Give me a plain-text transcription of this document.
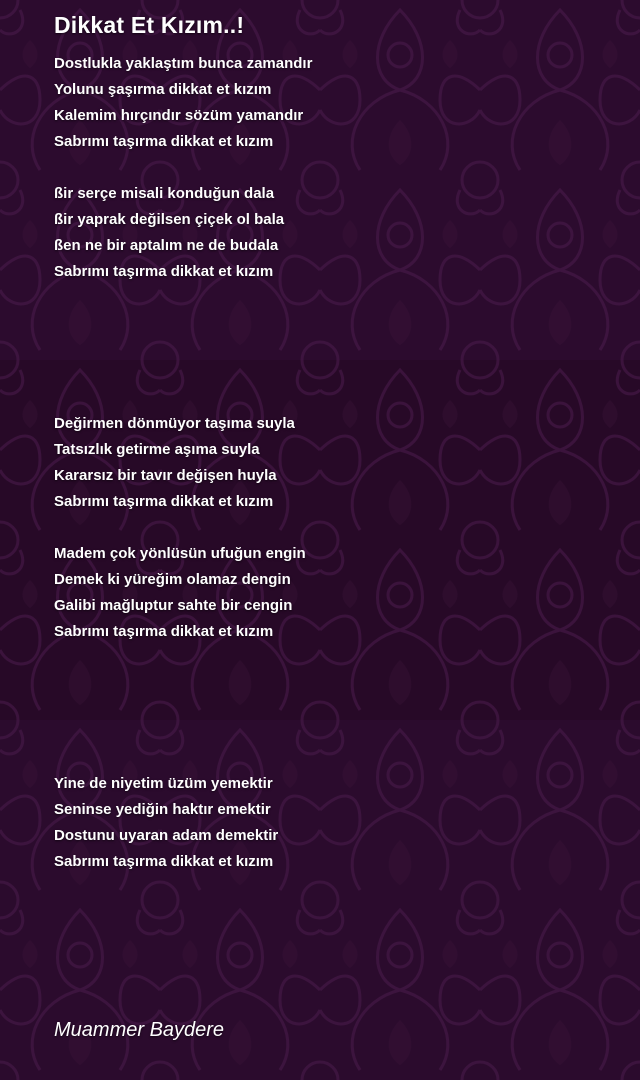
Dikkat Et Kızım..!
Dostlukla yaklaştım bunca zamandır
Yolunu şaşırma dikkat et kızım
Kalemim hırçındır sözüm yamandır
Sabrımı taşırma dikkat et kızım
ßir serçe misali konduğun dala
ßir yaprak değilsen çiçek ol bala
ßen ne bir aptalım ne de budala
Sabrımı taşırma dikkat et kızım
Değirmen dönmüyor taşıma suyla
Tatsızlık getirme aşıma suyla
Kararsız bir tavır değişen huyla
Sabrımı taşırma dikkat et kızım
Madem çok yönlüsün ufuğun engin
Demek ki yüreğim olamaz dengin
Galibi mağluptur sahte bir cengin
Sabrımı taşırma dikkat et kızım
Yine de niyetim üzüm yemektir
Seninse yediğin haktır emektir
Dostunu uyaran adam demektir
Sabrımı taşırma dikkat et kızım
Muammer Baydere
